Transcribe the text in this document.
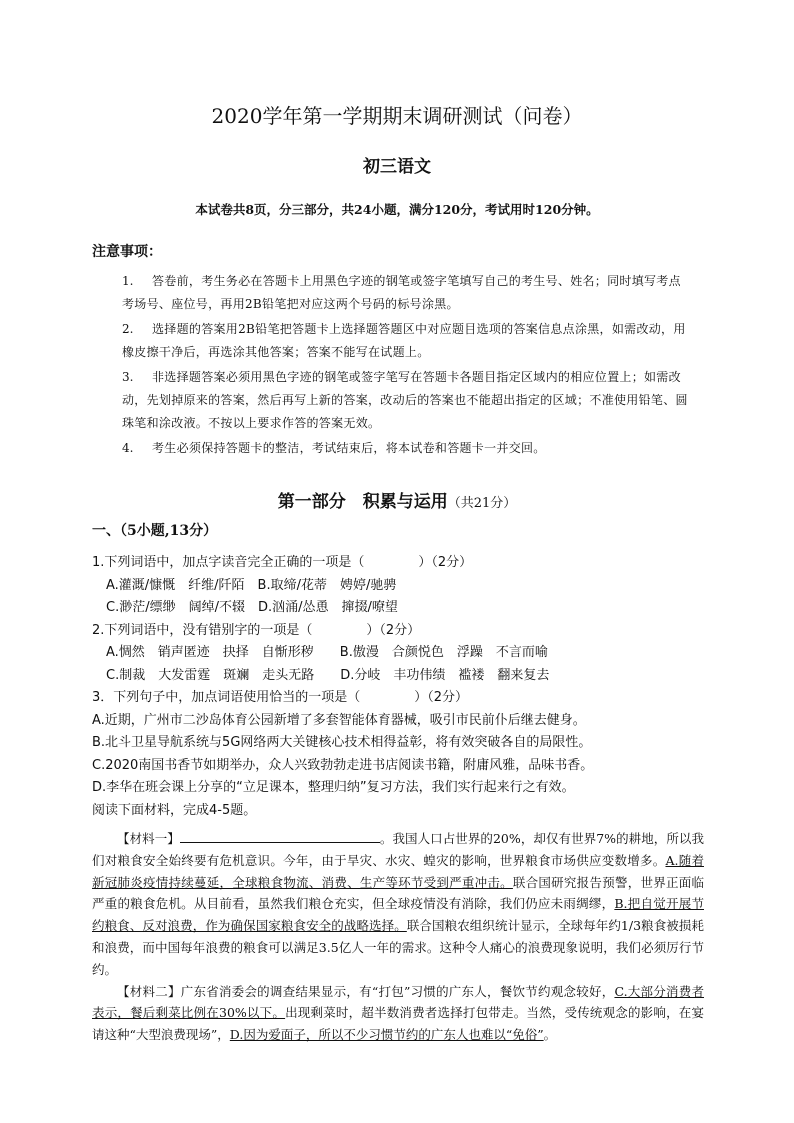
2020学年第一学期期末调研测试（问卷）
初三语文
本试卷共8页，分三部分，共24小题，满分120分，考试用时120分钟。
注意事项：

1. 答卷前，考生务必在答题卡上用黑色字迹的钢笔或签字笔填写自己的考生号、姓名；同时填写考点考场号、座位号，再用2B铅笔把对应这两个号码的标号涂黑。

2. 选择题的答案用2B铅笔把答题卡上选择题答题区中对应题目选项的答案信息点涂黑，如需改动，用橡皮擦干净后，再选涂其他答案；答案不能写在试题上。

3. 非选择题答案必须用黑色字迹的钢笔或签字笔写在答题卡各题目指定区域内的相应位置上；如需改动，先划掉原来的答案，然后再写上新的答案，改动后的答案也不能超出指定的区域；不准使用铅笔、圆珠笔和涂改液。不按以上要求作答的答案无效。

4. 考生必须保持答题卡的整洁，考试结束后，将本试卷和答题卡一并交回。

第一部分　积累与运用（共21分）
一、（5小题,13分）
1.下列词语中，加点字读音完全正确的一项是（	）（2分）
A.灌溉/慷慨　纤维/阡陌　B.取缔/花蒂　娉婷/驰骋
C.渺茫/缥缈　阔绰/不辍　D.汹涌/怂恿　撺掇/嘹望
2.下列词语中，没有错别字的一项是（	）（2分）
A.惆然　销声匿迹　抉择　自惭形秽　　B.傲漫　合颜悦色　浮躁　不言而喻
C.制裁　大发雷霆　斑斓　走头无路　　D.分岐　丰功伟绩　褴褛　翻来复去
3．下列句子中，加点词语使用恰当的一项是（	）（2分）
A.近期，广州市二沙岛体育公园新增了多套智能体育器械，吸引市民前仆后继去健身。
B.北斗卫星导航系统与5G网络两大关键核心技术相得益彰，将有效突破各自的局限性。
C.2020南国书香节如期举办，众人兴致勃勃走进书店阅读书籍，附庸风雅，品味书香。
D.李华在班会课上分享的“立足课本，整理归纳”复习方法，我们实行起来行之有效。
阅读下面材料，完成4-5题。

【材料一】	。我国人口占世界的20%，却仅有世界7%的耕地，所以我们对粮食安全始终要有危机意识。今年，由于旱灾、水灾、蝗灾的影响，世界粮食市场供应变数增多。A.随着新冠肺炎疫情持续蔓延，全球粮食物流、消费、生产等环节受到严重冲击。联合国研究报告预警，世界正面临严重的粮食危机。从目前看，虽然我们粮仓充实，但全球疫情没有消除，我们仍应未雨绸缪，B.把自觉开展节约粮食、反对浪费，作为确保国家粮食安全的战略选择。联合国粮农组织统计显示，全球每年约1/3粮食被损耗和浪费，而中国每年浪费的粮食可以满足3.5亿人一年的需求。这种令人痛心的浪费现象说明，我们必须厉行节约。

【材料二】广东省消委会的调查结果显示，有“打包”习惯的广东人，餐饮节约观念较好，C.大部分消费者表示，餐后剩菜比例在30%以下。出现剩菜时，超半数消费者选择打包带走。当然，受传统观念的影响，在宴请这种“大型浪费现场”，D.因为爱面子，所以不少习惯节约的广东人也难以“免俗”。
